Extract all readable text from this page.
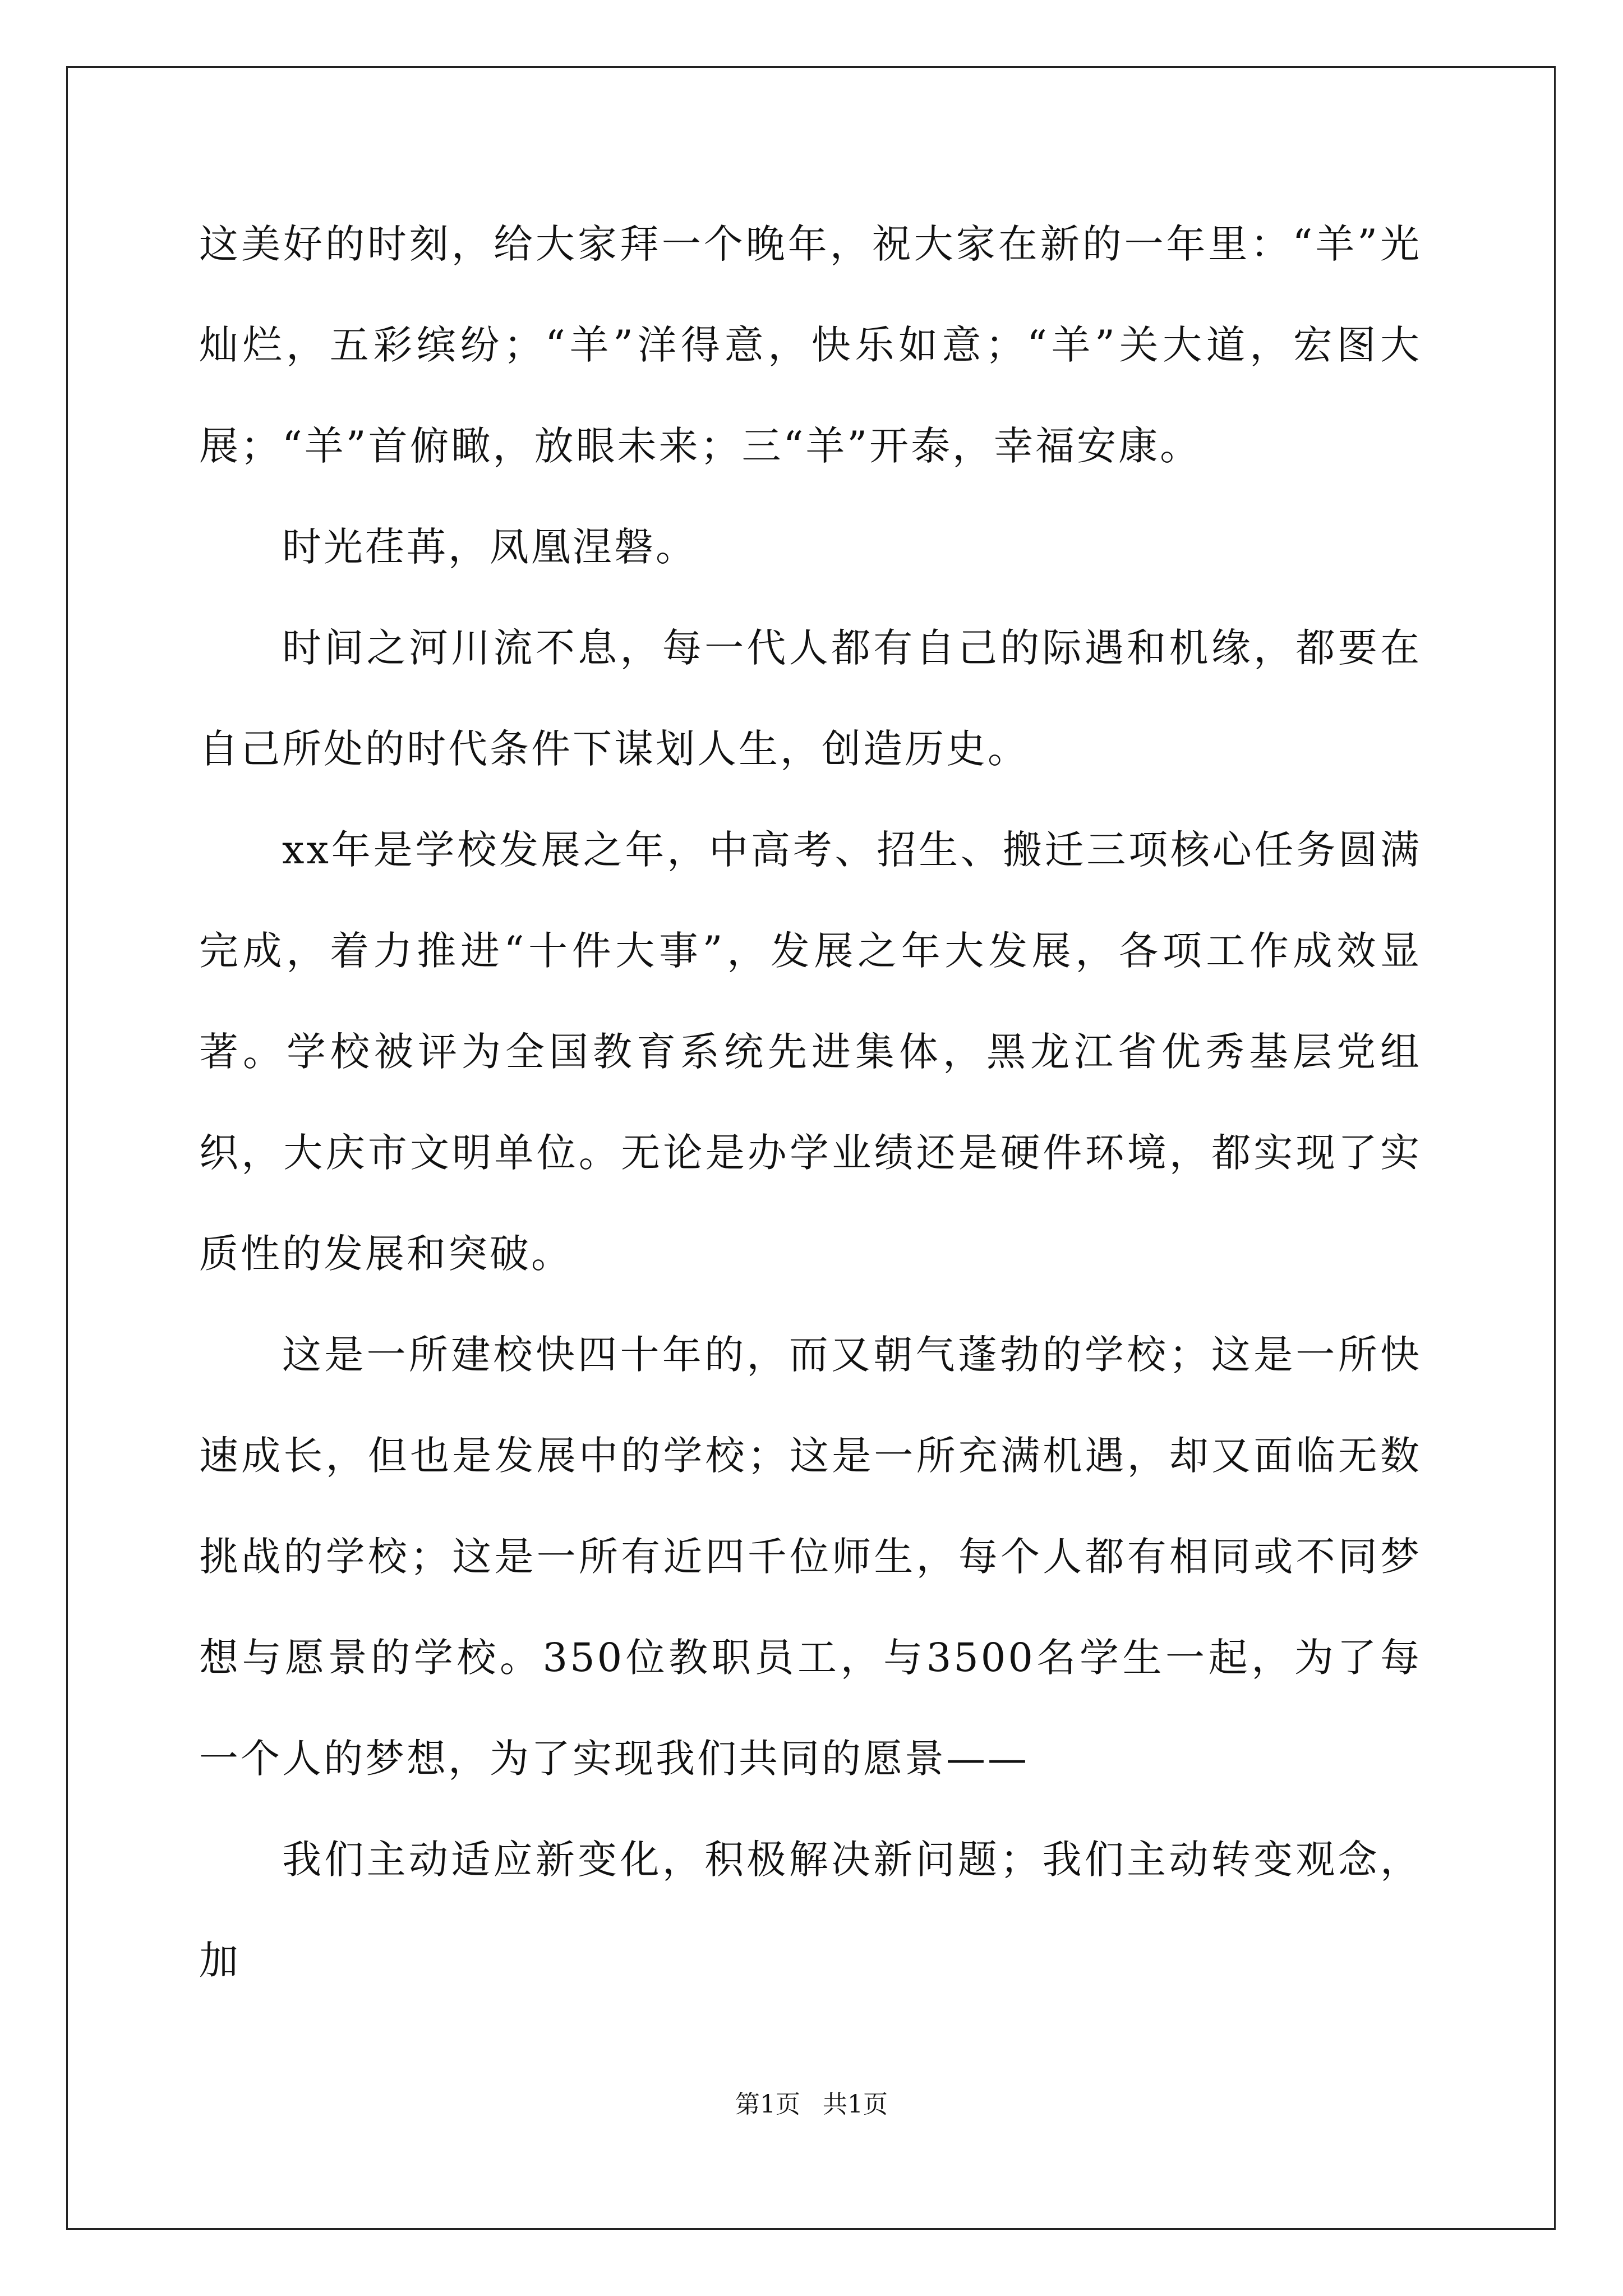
这美好的时刻，给大家拜一个晚年，祝大家在新的一年里：“羊”光灿烂，五彩缤纷；“羊”洋得意，快乐如意；“羊”关大道，宏图大展；“羊”首俯瞰，放眼未来；三“羊”开泰，幸福安康。

时光荏苒，凤凰涅磐。

时间之河川流不息，每一代人都有自己的际遇和机缘，都要在自己所处的时代条件下谋划人生，创造历史。

xx年是学校发展之年，中高考、招生、搬迁三项核心任务圆满完成，着力推进“十件大事”，发展之年大发展，各项工作成效显著。学校被评为全国教育系统先进集体，黑龙江省优秀基层党组织，大庆市文明单位。无论是办学业绩还是硬件环境，都实现了实质性的发展和突破。

这是一所建校快四十年的，而又朝气蓬勃的学校；这是一所快速成长，但也是发展中的学校；这是一所充满机遇，却又面临无数挑战的学校；这是一所有近四千位师生，每个人都有相同或不同梦想与愿景的学校。350位教职员工，与3500名学生一起，为了每一个人的梦想，为了实现我们共同的愿景——

我们主动适应新变化，积极解决新问题；我们主动转变观念，加

第1页 共1页
